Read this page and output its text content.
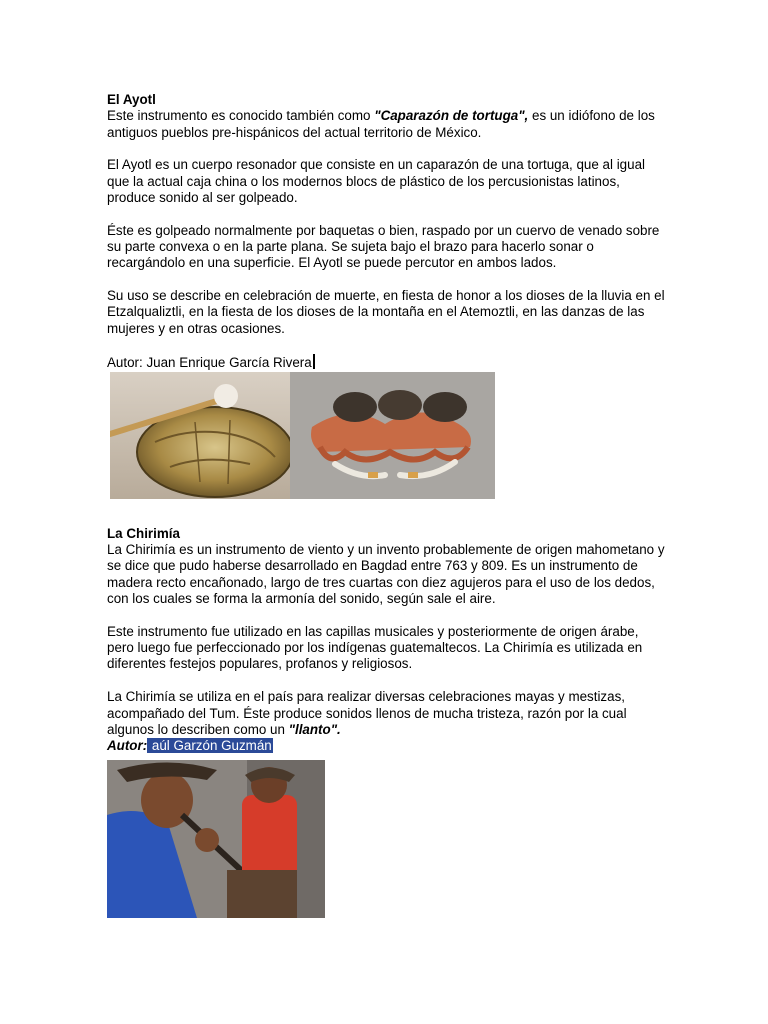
El Ayotl
Este instrumento es conocido también como "Caparazón de tortuga", es un idiófono de los antiguos pueblos pre-hispánicos del actual territorio de México.
El Ayotl es un cuerpo resonador que consiste en un caparazón de una tortuga, que al igual que la actual caja china o los modernos blocs de plástico de los percusionistas latinos, produce sonido al ser golpeado.
Éste es golpeado normalmente por baquetas o bien, raspado por un cuervo de venado sobre su parte convexa o en la parte plana. Se sujeta bajo el brazo para hacerlo sonar o recargándolo en una superficie. El Ayotl se puede percutor en ambos lados.
Su uso se describe en celebración de muerte, en fiesta de honor a los dioses de la lluvia en el Etzalqualiztli, en la fiesta de los dioses de la montaña en el Atemoztli, en las danzas de las mujeres y en otras ocasiones.
Autor: Juan Enrique García Rivera
La Chirimía
La Chirimía es un instrumento de viento y un invento probablemente de origen mahometano y se dice que pudo haberse desarrollado en Bagdad entre 763 y 809. Es un instrumento de madera recto encañonado, largo de tres cuartas con diez agujeros para el uso de los dedos, con los cuales se forma la armonía del sonido, según sale el aire.
Este instrumento fue utilizado en las capillas musicales y posteriormente de origen árabe, pero luego fue perfeccionado por los indígenas guatemaltecos. La Chirimía es utilizada en diferentes festejos populares, profanos y religiosos.
La Chirimía se utiliza en el país para realizar diversas celebraciones mayas y mestizas, acompañado del Tum. Éste produce sonidos llenos de mucha tristeza, razón por la cual algunos lo describen como un "llanto".
Autor: aúl Garzón Guzmán
